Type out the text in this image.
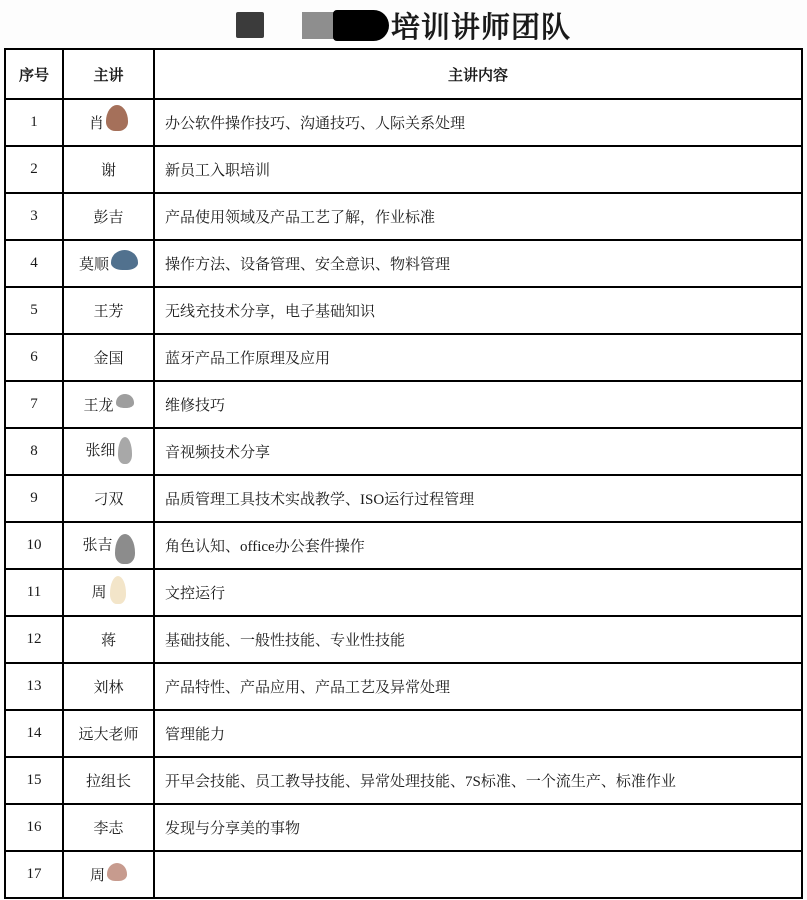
培训讲师团队
序号	主讲	主讲内容
1	肖	办公软件操作技巧、沟通技巧、人际关系处理
2	谢	新员工入职培训
3	彭吉	产品使用领域及产品工艺了解，作业标准
4	莫顺	操作方法、设备管理、安全意识、物料管理
5	王芳	无线充技术分享，电子基础知识
6	金国	蓝牙产品工作原理及应用
7	王龙	维修技巧
8	张细	音视频技术分享
9	刁双	品质管理工具技术实战教学、ISO运行过程管理
10	张吉	角色认知、office办公套件操作
11	周	文控运行
12	蒋	基础技能、一般性技能、专业性技能
13	刘林	产品特性、产品应用、产品工艺及异常处理
14	远大老师	管理能力
15	拉组长	开早会技能、员工教导技能、异常处理技能、7S标准、一个流生产、标准作业
16	李志	发现与分享美的事物
17	周	
